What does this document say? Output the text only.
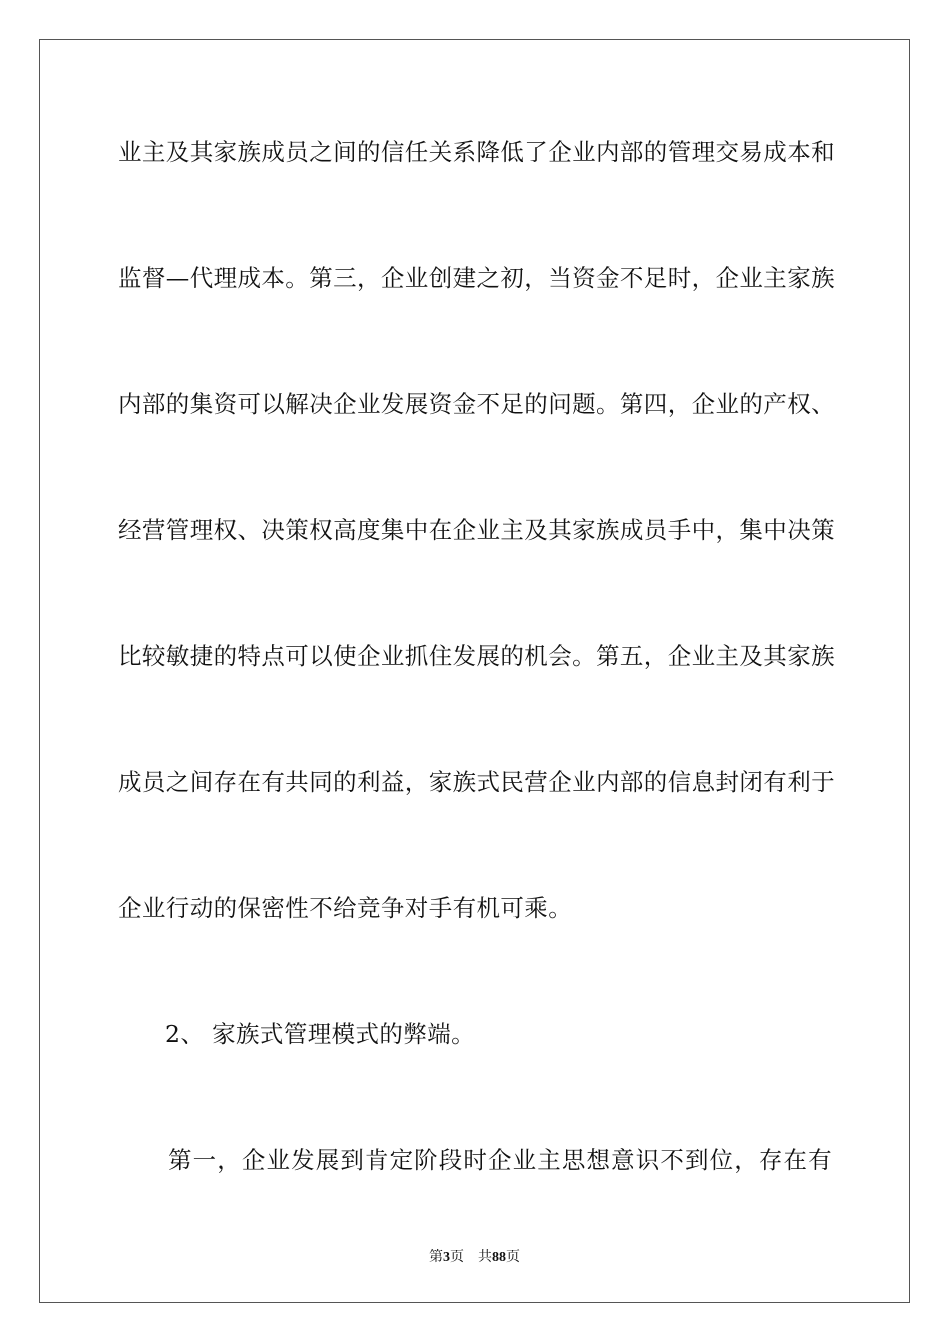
业主及其家族成员之间的信任关系降低了企业内部的管理交易成本和
监督—代理成本。第三，企业创建之初，当资金不足时，企业主家族
内部的集资可以解决企业发展资金不足的问题。第四，企业的产权、
经营管理权、决策权高度集中在企业主及其家族成员手中，集中决策
比较敏捷的特点可以使企业抓住发展的机会。第五，企业主及其家族
成员之间存在有共同的利益，家族式民营企业内部的信息封闭有利于
企业行动的保密性不给竞争对手有机可乘。
2、 家族式管理模式的弊端。
第一，企业发展到肯定阶段时企业主思想意识不到位，存在有
第3页 共88页
